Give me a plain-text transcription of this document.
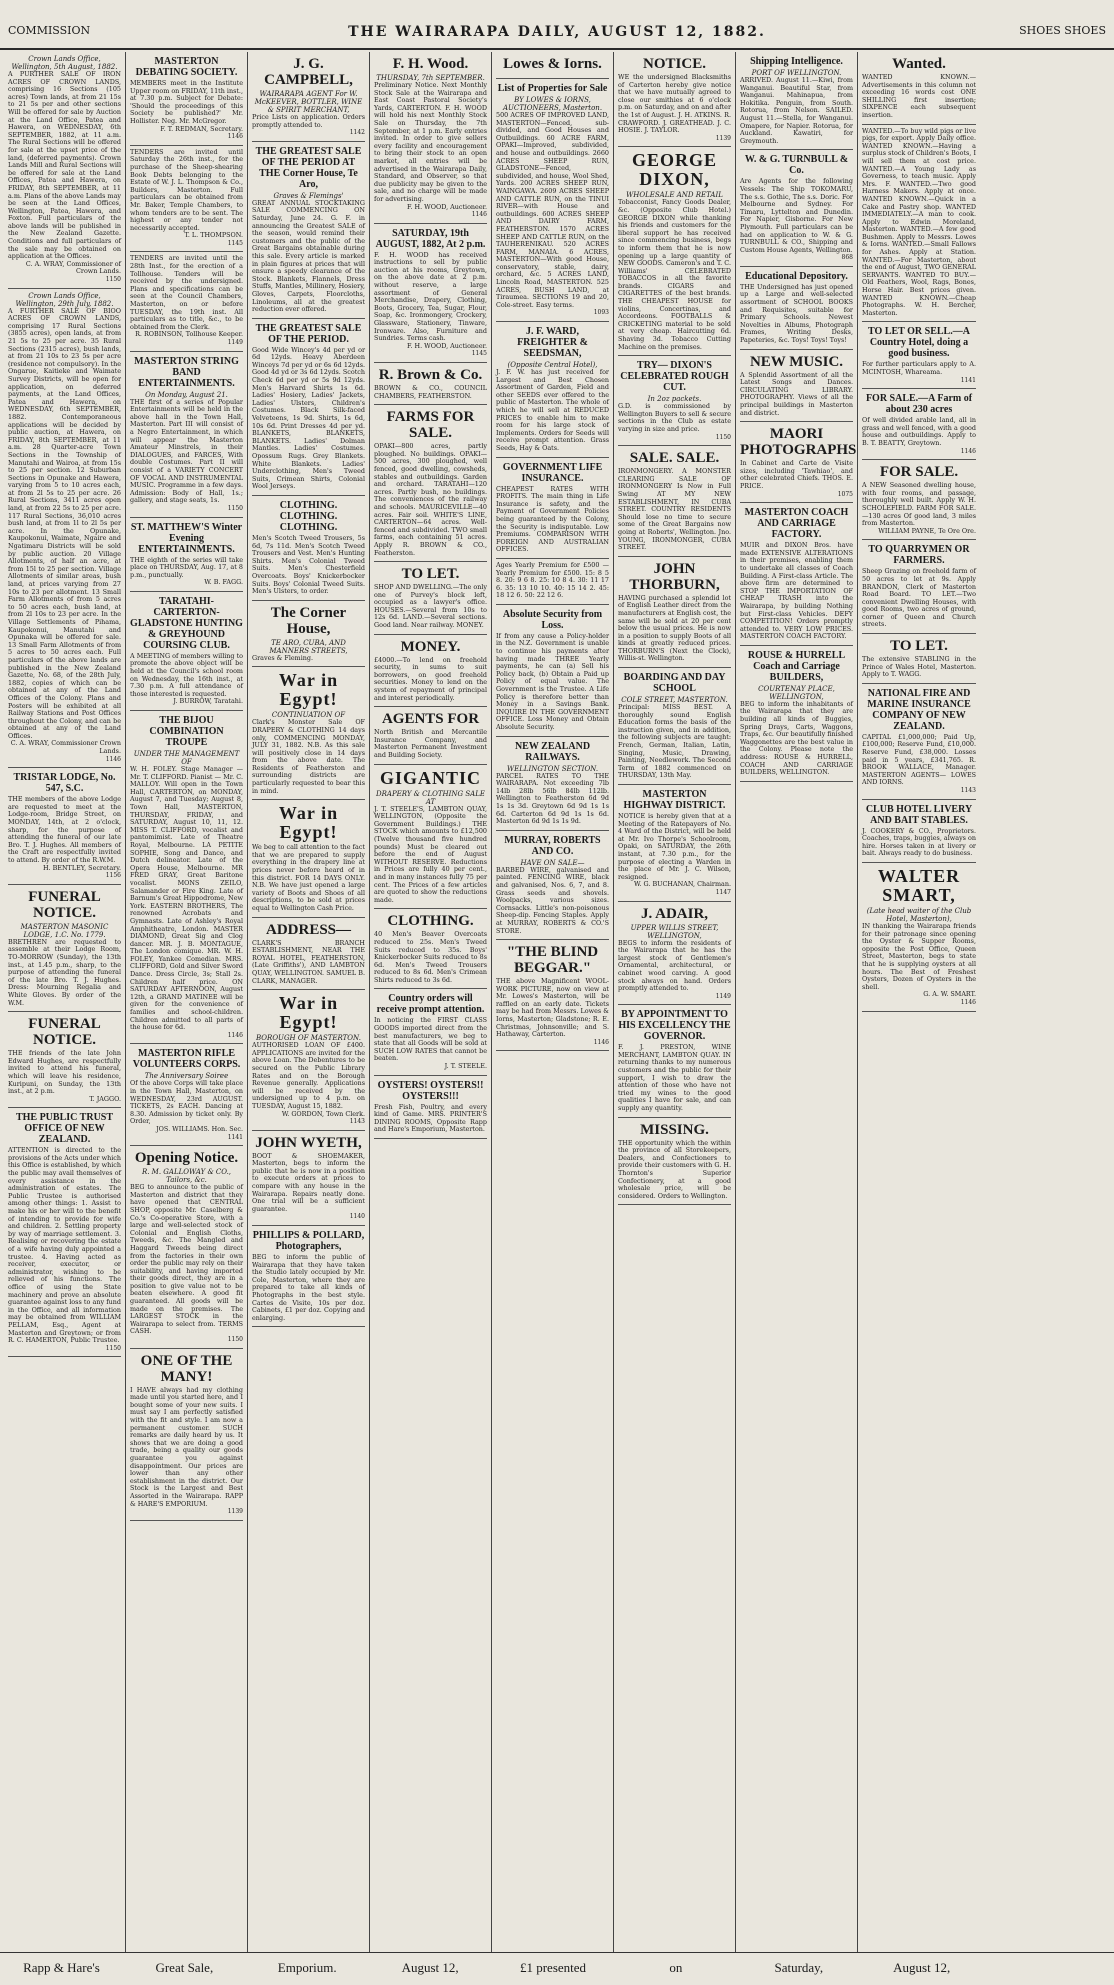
COMMISSION	THE WAIRARAPA DAILY, AUGUST 12, 1882.	SHOES SHOES
Crown Lands Office, Wellington, 5th August, 1882.
A PURTHER SALE OF IRON ACRES OF CROWN LANDS, comprising 16 Sections (105 acres) Town lands, at from 21 15s to 21 5s per and other sections Will be offered for sale by Auction at the Land Office, Patea and Hawera, on WEDNESDAY, 6th SEPTEMBER, 1882, at 11 a.m. The Rural Sections will be offered for sale at the upset price of the land, (deferred payments). Crown Lands Mill and Rural Sections will be offered for sale at the Land Offices, Patea and Hawera, on FRIDAY, 8th SEPTEMBER, at 11 a.m. Plans of the above Lands may be seen at the Land Offices, Wellington, Patea, Hawera, and Foxton. Full particulars of the above lands will be published in the New Zealand Gazette. Conditions and full particulars of the sale may be obtained on application at the Offices.
C. A. WRAY, Commissioner of Crown Lands.
1150
Crown Lands Office, Wellington, 29th July, 1882.
A FURTHER SALE OF BIOO ACRES OF CROWN LANDS, comprising 17 Rural Sections (3855 acres), open lands, at from 21 5s to 25 per acre. 35 Rural Sections (2315 acres), bush lands, at from 21 10s to 23 5s per acre (residence not compulsory). In the Ongarue, Kaitieke and Waimate Survey Districts, will be open for application, on deferred payments, at the Land Offices, Patea and Hawera, on WEDNESDAY, 6th SEPTEMBER, 1882. Contemporaneous applications will be decided by public auction, at Hawera, on FRIDAY, 8th SEPTEMBER, at 11 a.m. 28 Quarter-acre Town Sections in the Township of Manutahi and Wairoa, at from 15s to 25 per section. 12 Suburban Sections in Opunake and Hawera, varying from 5 to 10 acres each, at from 2l 5s to 25 per acre. 26 Rural Sections, 3411 acres open land, at from 22 5s to 25 per acre. 117 Rural Sections, 36,010 acres bush land, at from 1l to 2l 5s per acre. In the Opunake, Kaupokonui, Waimate, Ngaire and Ngatimaru Districts will be sold by public auction. 20 Village Allotments, of half an acre, at from 15l to 25 per section. Village Allotments of similar areas, bush land, at prices varying from 27 10s to 23 per allotment. 13 Small Farm Allotments of from 5 acres to 50 acres each, bush land, at from 2l 10s to 23 per acre. In the Village Settlements of Pihama, Kaupokonui, Manutahi and Opunaka will be offered for sale. 13 Small Farm Allotments of from 5 acres to 50 acres each. Full particulars of the above lands are published in the New Zealand Gazette, No. 68, of the 28th July, 1882, copies of which can be obtained at any of the Land Offices of the Colony. Plans and Posters will be exhibited at all Railway Stations and Post Offices throughout the Colony, and can be obtained at any of the Land Offices.
C. A. WRAY, Commissioner Crown Lands.
1146
TRISTAR LODGE, No. 547, S.C.
THE members of the above Lodge are requested to meet at the Lodge-room, Bridge Street, on MONDAY, 14th, at 2 o'clock, sharp, for the purpose of attending the funeral of our late Bro. T. J. Hughes. All members of the Craft are respectfully invited to attend. By order of the R.W.M.
H. BENTLEY, Secretary.
1156
FUNERAL NOTICE.
MASTERTON MASONIC LODGE, 1.C. No. 1779.
BRETHREN are requested to assemble at their Lodge Room, TO-MORROW (Sunday), the 13th inst., at 1.45 p.m., sharp, to the purpose of attending the funeral of the late Bro. T. J. Hughes. Dress: Mourning Regalia and White Gloves. By order of the W.M.
FUNERAL NOTICE.
THE friends of the late John Edward Hughes, are respectfully invited to attend his funeral, which will leave his residence, Kuripuni, on Sunday, the 13th inst., at 2 p.m.
T. JAGGO.
THE PUBLIC TRUST OFFICE OF NEW ZEALAND.
ATTENTION is directed to the provisions of the Acts under which this Office is established, by which the public may avail themselves of every assistance in the administration of estates. The Public Trustee is authorised among other things: 1. Assist to make his or her will to the benefit of intending to provide for wife and children. 2. Settling property by way of marriage settlement. 3. Realising or recovering the estate of a wife having duly appointed a trustee. 4. Having acted as receiver, executor, or administrator, wishing to be relieved of his functions. The office of using the State machinery and prove an absolute guarantee against loss to any fund in the Office, and all information may be obtained from WILLIAM PELLAM, Esq., Agent at Masterton and Greytown; or from R. C. HAMERTON, Public Trustee.
1150
MASTERTON DEBATING SOCIETY.
MEMBERS meet in the Institute Upper room on FRIDAY, 11th inst., at 7.30 p.m. Subject for Debate: 'Should the proceedings of this Society be published?' Mr. Hollister. Neg. Mr. McGregor.
F. T. REDMAN, Secretary.
1146
TENDERS are invited until Saturday the 26th inst., for the purchase of the Sheep-shearing Book Debts belonging to the Estate of W. J. L. Thompson & Co., Builders, Masterton. Full particulars can be obtained from Mr. Baker, Temple Chambers, to whom tenders are to be sent. The highest or any tender not necessarily accepted.
T. L. THOMPSON.
1145
TENDERS are invited until the 28th Inst., for the erection of a Tollhouse. Tenders will be received by the undersigned. Plans and specifications can be seen at the Council Chambers, Masterton, on or before TUESDAY, the 19th inst. All particulars as to title, &c., to be obtained from the Clerk.
R. ROBINSON, Tollhouse Keeper.
1149
MASTERTON STRING BAND ENTERTAINMENTS.
On Monday, August 21.
THE first of a series of Popular Entertainments will be held in the above hall in the Town Hall, Masterton. Part III will consist of a Negro Entertainment, in which will appear the Masterton Amateur Minstrels, in their DIALOGUES, and FARCES, With double Costumes. Part II will consist of a VARIETY CONCERT OF VOCAL AND INSTRUMENTAL MUSIC. Programme in a few days. Admission: Body of Hall, 1s.; gallery, and stage seats, 1s.
1150
ST. MATTHEW'S Winter Evening ENTERTAINMENTS.
THE eighth of the series will take place on THURSDAY, Aug. 17, at 8 p.m., punctually.
W. B. FAGG.
TARATAHI-CARTERTON-GLADSTONE HUNTING & GREYHOUND COURSING CLUB.
A MEETING of members willing to promote the above object will be held at the Council's school room on Wednesday, the 16th inst., at 7.30 p.m. A full attendance of those interested is requested.
J. BURROW, Taratahi.
THE BIJOU COMBINATION TROUPE
UNDER THE MANAGEMENT OF
W. H. FOLEY. Stage Manager — Mr. T. CLIFFORD. Pianist — Mr. C. MALLOY. Will open in the Town Hall, CARTERTON, on MONDAY, August 7, and Tuesday; August 8, Town Hall, MASTERTON, THURSDAY, FRIDAY, and SATURDAY, August 10, 11, 12. MISS T. CLIFFORD, vocalist and pantomimist. Late of Theatre Royal, Melbourne. LA PETITE SOPHIE, Song and Dance, and Dutch delineator. Late of the Opera House, Melbourne. MR FRED GRAY, Great Baritone vocalist. MONS ZEILO, Salamander or Fire King. Late of Barnum's Great Hippodrome, New York. EASTERN BROTHERS, The renowned Acrobats and Gymnasts. Late of Ashley's Royal Amphitheatre, London. MASTER DIAMOND, Great Sig and Clog dancer. MR. J. B. MONTAGUE, The London comique. MR. W. H. FOLEY, Yankee Comedian. MRS. CLIFFORD, Gold and Silver Sword Dance. Dress Circle, 3s; Stall 2s. Children half price. ON SATURDAY AFTERNOON, August 12th, a GRAND MATINEE will be given for the convenience of families and school-children. Children admitted to all parts of the house for 6d.
1146
MASTERTON RIFLE VOLUNTEERS CORPS.
The Anniversary Soiree
Of the above Corps will take place in the Town Hall, Masterton, on WEDNESDAY, 23rd AUGUST. TICKETS, 2s EACH. Dancing at 8.30. Admission by ticket only. By Order,
JOS. WILLIAMS. Hon. Sec.
1141
Opening Notice.
R. M. GALLOWAY & CO., Tailors, &c.
BEG to announce to the public of Masterton and district that they have opened that CENTRAL SHOP, opposite Mr. Caselberg & Co.'s Co-operative Store, with a large and well-selected stock of Colonial and English Cloths, Tweeds, &c. The Mangled and Haggard Tweeds being direct from the factories in their own order the public may rely on their suitability, and having imported their goods direct, they are in a position to give value not to be beaten elsewhere. A good fit guaranteed. All goods will be made on the premises. The LARGEST STOCK in the Wairarapa to select from. TERMS CASH.
1150
ONE OF THE MANY!
I HAVE always had my clothing made until you started here, and I bought some of your new suits. I must say I am perfectly satisfied with the fit and style. I am now a permanent customer. SUCH remarks are daily heard by us. It shows that we are doing a good trade, being a quality our goods guarantee you against disappointment. Our prices are lower than any other establishment in the district. Our Stock is the Largest and Best Assorted in the Wairarapa. RAPP & HARE'S EMPORIUM.
1139
J. G. CAMPBELL,
WAIRARAPA AGENT For W. McKEEVER, BOTTLER, WINE & SPIRIT MERCHANT,
Price Lists on application. Orders promptly attended to.
1142
THE GREATEST SALE OF THE PERIOD AT THE Corner House, Te Aro,
Graves & Flemings'
GREAT ANNUAL STOCKTAKING SALE COMMENCING ON Saturday, June 24. G. F. in announcing the Greatest SALE of the season, would remind their customers and the public of the Great Bargains obtainable during this sale. Every article is marked in plain figures at prices that will ensure a speedy clearance of the Stock. Blankets, Flannels, Dress Stuffs, Mantles, Millinery, Hosiery, Gloves, Carpets, Floorcloths, Linoleums, all at the greatest reduction ever offered.
THE GREATEST SALE OF THE PERIOD.
Good Wide Wincey's 4d per yd or 6d 12yds. Heavy Aberdeen Winceys 7d per yd or 6s 6d 12yds. Good 4d yd or 3s 6d 12yds. Scotch Check 6d per yd or 5s 9d 12yds. Men's Harvard Shirts 1s 6d. Ladies' Hosiery, Ladies' Jackets, Ladies' Ulsters, Children's Costumes. Black Silk-faced Velveteens, 1s 9d. Shirts, 1s 6d, 10s 6d. Print Dresses 4d per yd. BLANKETS, BLANKETS, BLANKETS. Ladies' Dolman Mantles. Ladies' Costumes. Opossum Rugs. Grey Blankets. White Blankets. Ladies' Underclothing, Men's Tweed Suits, Crimean Shirts, Colonial Wool Jerseys.
CLOTHING. CLOTHING. CLOTHING.
Men's Scotch Tweed Trousers, 5s 6d, 7s 11d. Men's Scotch Tweed Trousers and Vest. Men's Hunting Shirts. Men's Colonial Tweed Suits. Men's Chesterfield Overcoats. Boys' Knickerbocker Suits. Boys' Colonial Tweed Suits. Men's Ulsters, to order.
The Corner House,
TE ARO, CUBA, AND MANNERS STREETS,
Graves & Fleming.
War in Egypt!
CONTINUATION OF
Clark's Monster Sale OF DRAPERY & CLOTHING 14 days only, COMMENCING MONDAY, JULY 31, 1882. N.B. As this sale will positively close in 14 days from the above date. The Residents of Featherston and surrounding districts are particularly requested to bear this in mind.
War in Egypt!
We beg to call attention to the fact that we are prepared to supply everything in the drapery line at prices never before heard of in this district. FOR 14 DAYS ONLY. N.B. We have just opened a large variety of Boots and Shoes of all descriptions, to be sold at prices equal to Wellington Cash Price.
ADDRESS—
CLARK'S BRANCH ESTABLISHMENT, NEAR THE ROYAL HOTEL, FEATHERSTON, (Late Griffiths'), AND LAMBTON QUAY, WELLINGTON. SAMUEL B. CLARK, MANAGER.
War in Egypt!
BOROUGH OF MASTERTON.
AUTHORISED LOAN OF £400. APPLICATIONS are invited for the above Loan. The Debentures to be secured on the Public Library Rates and on the Borough Revenue generally. Applications will be received by the undersigned up to 4 p.m. on TUESDAY, August 15, 1882.
W. GORDON, Town Clerk.
1143
JOHN WYETH,
BOOT & SHOEMAKER, Masterton, begs to inform the public that he is now in a position to execute orders at prices to compare with any house in the Wairarapa. Repairs neatly done. One trial will be a sufficient guarantee.
1140
PHILLIPS & POLLARD, Photographers,
BEG to inform the public of Wairarapa that they have taken the Studio lately occupied by Mr. Cole, Masterton, where they are prepared to take all kinds of Photographs in the best style. Cartes de Visite, 10s per doz. Cabinets, £1 per doz. Copying and enlarging.
F. H. Wood.
THURSDAY, 7th SEPTEMBER.
Preliminary Notice. Next Monthly Stock Sale at the Wairarapa and East Coast Pastoral Society's Yards, CARTERTON. F. H. WOOD will hold his next Monthly Stock Sale on Thursday, the 7th September, at 1 p.m. Early entries invited. In order to give sellers every facility and encouragement to bring their stock to an open market, all entries will be advertised in the Wairarapa Daily, Standard, and Observer, so that due publicity may be given to the sale, and no charge will be made for advertising.
F. H. WOOD, Auctioneer.
1146
SATURDAY, 19th AUGUST, 1882, At 2 p.m.
F. H. WOOD has received instructions to sell by public auction at his rooms, Greytown, on the above date at 2 p.m. without reserve, a large assortment of General Merchandise, Drapery, Clothing, Boots, Grocery, Tea, Sugar, Flour, Soap, &c. Ironmongery, Crockery, Glassware, Stationery, Tinware, Ironware. Also, Furniture and Sundries. Terms cash.
F. H. WOOD, Auctioneer.
1145
R. Brown & Co.
BROWN & CO., COUNCIL CHAMBERS, FEATHERSTON.
FARMS FOR SALE.
OPAKI—800 acres, partly ploughed. No buildings. OPAKI—500 acres, 300 ploughed, well fenced, good dwelling, cowsheds, stables and outbuildings. Garden and orchard. TARATAHI—120 acres. Partly bush, no buildings. The conveniences of the railway and schools. MAURICEVILLE—40 acres. Fair soil. WHITE'S LINE, CARTERTON—64 acres. Well-fenced and subdivided. TWO small farms, each containing 51 acres. Apply R. BROWN & CO., Featherston.
TO LET.
SHOP AND DWELLING.—The only one of Purvey's block left, occupied as a lawyer's office. HOUSES.—Several from 10s to 12s 6d. LAND.—Several sections. Good land. Near railway. MONEY.
MONEY.
£4000.—To lend on freehold security, in sums to suit borrowers, on good freehold securities. Money to lend on the system of repayment of principal and interest periodically.
AGENTS FOR
North British and Mercantile Insurance Company, and Masterton Permanent Investment and Building Society.
GIGANTIC
DRAPERY & CLOTHING SALE AT
J. T. STEELE'S, LAMBTON QUAY, WELLINGTON, (Opposite the Government Buildings.) THE STOCK which amounts to £12,500 (Twelve thousand five hundred pounds) Must be cleared out before the end of August WITHOUT RESERVE. Reductions in Prices are fully 40 per cent., and in many instances fully 75 per cent. The Prices of a few articles are quoted to show the reductions made.
CLOTHING.
40 Men's Beaver Overcoats reduced to 25s. Men's Tweed Suits reduced to 35s. Boys' Knickerbocker Suits reduced to 8s 6d. Men's Tweed Trousers reduced to 8s 6d. Men's Crimean Shirts reduced to 3s 6d.
Country orders will receive prompt attention.
In noticing the FIRST CLASS GOODS imported direct from the best manufacturers, we beg to state that all Goods will be sold at SUCH LOW RATES that cannot be beaten.
J. T. STEELE.
OYSTERS! OYSTERS!! OYSTERS!!!
Fresh Fish, Poultry, and every kind of Game. MRS. PRINTER'S DINING ROOMS, Opposite Rapp and Hare's Emporium, Masterton.
Lowes & Iorns.
List of Properties for Sale
BY LOWES & IORNS, AUCTIONEERS, Masterton.
500 ACRES OF IMPROVED LAND, MASTERTON—Fenced, sub-divided, and Good Houses and Outbuildings. 60 ACRE FARM, OPAKI—Improved, subdivided, and house and outbuildings. 2660 ACRES SHEEP RUN, GLADSTONE—Fenced, subdivided, and house, Wool Shed, Yards. 200 ACRES SHEEP RUN, WAINGAWA. 2609 ACRES SHEEP AND CATTLE RUN, on the TINUI RIVER—with House and outbuildings. 600 ACRES SHEEP AND DAIRY FARM, FEATHERSTON. 1570 ACRES SHEEP AND CATTLE RUN, on the TAUHERENIKAU. 520 ACRES FARM, MANAIA. 6 ACRES, MASTERTON—With good House, conservatory, stable, dairy, orchard, &c. 5 ACRES LAND, Lincoln Road, MASTERTON. 525 ACRES, BUSH LAND, at Tiraumea. SECTIONS 19 and 20, Cole-street. Easy terms.
1093
J. F. WARD, FREIGHTER & SEEDSMAN,
(Opposite Central Hotel),
J. F. W. has just received for Largest and Best Chosen Assortment of Garden, Field and other SEEDS ever offered to the public of Masterton. The whole of which he will sell at REDUCED PRICES to enable him to make room for his large stock of Implements. Orders for Seeds will receive prompt attention. Grass Seeds, Hay & Oats.
GOVERNMENT LIFE INSURANCE.
CHEAPEST RATES WITH PROFITS. The main thing in Life Insurance is safety, and the Payment of Government Policies being guaranteed by the Colony, the Security is indisputable. Low Premiums. COMPARISON WITH FOREIGN AND AUSTRALIAN OFFICES.
Ages Yearly Premium for £500 — Yearly Premium for £500. 15: 8 5 8. 20: 9 6 8. 25: 10 8 4. 30: 11 17 6. 35: 13 10 10. 40: 15 14 2. 45: 18 12 6. 50: 22 12 6.
Absolute Security from Loss.
If from any cause a Policy-holder in the N.Z. Government is unable to continue his payments after having made THREE Yearly payments, he can (a) Sell his Policy back, (b) Obtain a Paid up Policy of equal value. The Government is the Trustee. A Life Policy is therefore better than Money in a Savings Bank. INQUIRE IN THE GOVERNMENT OFFICE. Loss Money and Obtain Absolute Security.
NEW ZEALAND RAILWAYS.
WELLINGTON SECTION.
PARCEL RATES TO THE WAIRARAPA. Not exceeding 7lb 14lb 28lb 56lb 84lb 112lb. Wellington to Featherston 6d 9d 1s 1s 3d. Greytown 6d 9d 1s 1s 6d. Carterton 6d 9d 1s 1s 6d. Masterton 6d 9d 1s 1s 9d.
MURRAY, ROBERTS AND CO.
HAVE ON SALE—
BARBED WIRE, galvanised and painted. FENCING WIRE, black and galvanised, Nos. 6, 7, and 8. Grass seeds and shovels. Woolpacks, various sizes. Cornsacks. Little's non-poisonous Sheep-dip. Fencing Staples. Apply at MURRAY, ROBERTS & CO.'S STORE.
"THE BLIND BEGGAR."
THE above Magnificent WOOL-WORK PICTURE, now on view at Mr. Lowes's Masterton, will be raffled on an early date. Tickets may be had from Messrs. Lowes & Iorns, Masterton; Gladstone; R. E. Christmas, Johnsonville; and S. Hathaway, Carterton.
1146
NOTICE.
WE the undersigned Blacksmiths of Carterton hereby give notice that we have mutually agreed to close our smithies at 6 o'clock p.m. on Saturday, and on and after the 1st of August. J. H. ATKINS. R. CRAWFORD. J. GREATHEAD. J. C. HOSIE. J. TAYLOR.
1139
GEORGE DIXON,
WHOLESALE AND RETAIL
Tobacconist, Fancy Goods Dealer, &c. (Opposite Club Hotel.) GEORGE DIXON while thanking his friends and customers for the liberal support he has received since commencing business, begs to inform them that he is now opening up a large quantity of NEW GOODS. Cameron's and T. C. Williams' CELEBRATED TOBACCOS in all the favorite brands. CIGARS and CIGARETTES of the best brands. THE CHEAPEST HOUSE for violins, Concertinas, and Accordeons. FOOTBALLS & CRICKETING material to be sold at very cheap. Haircutting 6d. Shaving 3d. Tobacco Cutting Machine on the premises.
TRY— DIXON'S CELEBRATED ROUGH CUT.
In 2oz packets.
G.D. is commissioned by Wellington Buyers to sell & secure sections in the Club as estate varying in size and price.
1150
SALE. SALE.
IRONMONGERY. A MONSTER CLEARING SALE OF IRONMONGERY Is Now in Full Swing AT MY NEW ESTABLISHMENT, IN CUBA STREET. COUNTRY RESIDENTS Should lose no time to secure some of the Great Bargains now going at Roberts', Wellington. Jno. YOUNG, IRONMONGER, CUBA STREET.
JOHN THORBURN,
HAVING purchased a splendid lot of English Leather direct from the manufacturers at English cost, the same will be sold at 20 per cent below the usual prices. He is now in a position to supply Boots of all kinds at greatly reduced prices. THORBURN'S (Next the Clock), Willis-st. Wellington.
BOARDING AND DAY SCHOOL
COLE STREET, MASTERTON.
Principal: MISS BEST. A thoroughly sound English Education forms the basis of the instruction given, and in addition, the following subjects are taught: French, German, Italian, Latin, Singing, Music, Drawing, Painting, Needlework. The Second Term of 1882 commenced on THURSDAY, 13th May.
MASTERTON HIGHWAY DISTRICT.
NOTICE is hereby given that at a Meeting of the Ratepayers of No. 4 Ward of the District, will be held at Mr. Ivo Thorpe's Schoolroom, Opaki, on SATURDAY, the 26th instant, at 7.30 p.m., for the purpose of electing a Warden in the place of Mr. J. C. Wilson, resigned.
W. G. BUCHANAN, Chairman.
1147
J. ADAIR,
UPPER WILLIS STREET, WELLINGTON,
BEGS to inform the residents of the Wairarapa that he has the largest stock of Gentlemen's Ornamental, architectural, or cabinet wood carving. A good stock always on hand. Orders promptly attended to.
1149
BY APPOINTMENT TO HIS EXCELLENCY THE GOVERNOR.
F. J. PRESTON, WINE MERCHANT, LAMBTON QUAY. IN returning thanks to my numerous customers and the public for their support, I wish to draw the attention of those who have not tried my wines to the good qualities I have for sale, and can supply any quantity.
MISSING.
THE opportunity which the within the province of all Storekeepers, Dealers, and Confectioners to provide their customers with G. H. Thornton's Superior Confectionery, at a good wholesale price, will be considered. Orders to Wellington.
Shipping Intelligence.
PORT OF WELLINGTON.
ARRIVED. August 11.—Kiwi, from Wanganui. Beautiful Star, from Wanganui. Mahinapua, from Hokitika. Penguin, from South. Rotorua, from Nelson. SAILED. August 11.—Stella, for Wanganui. Omapere, for Napier. Rotorua, for Auckland. Kawatiri, for Greymouth.
W. & G. TURNBULL & Co.
Are Agents for the following Vessels: The Ship TOKOMARU, The s.s. Gothic, The s.s. Doric. For Melbourne and Sydney. For Timaru, Lyttelton and Dunedin. For Napier, Gisborne. For New Plymouth. Full particulars can be had on application to W. & G. TURNBULL & CO., Shipping and Custom House Agents, Wellington.
868
Educational Depository.
THE Undersigned has just opened up a Large and well-selected assortment of SCHOOL BOOKS and Requisites, suitable for Primary Schools. Newest Novelties in Albums, Photograph Frames, Writing Desks, Papeteries, &c. Toys! Toys! Toys!
NEW MUSIC.
A Splendid Assortment of all the Latest Songs and Dances. CIRCULATING LIBRARY. PHOTOGRAPHY. Views of all the principal buildings in Masterton and district.
MAORI PHOTOGRAPHS
In Cabinet and Carte de Visite sizes, including 'Tawhiao', and other celebrated Chiefs. THOS. E. PRICE.
1075
MASTERTON COACH AND CARRIAGE FACTORY.
MUIR and DIXON Bros. have made EXTENSIVE ALTERATIONS in their premises, enabling them to undertake all classes of Coach Building. A First-class Article. The above firm are determined to STOP THE IMPORTATION OF CHEAP TRASH into the Wairarapa, by building Nothing but First-class Vehicles. DEFY COMPETITION! Orders promptly attended to. VERY LOW PRICES. MASTERTON COACH FACTORY.
ROUSE & HURRELL Coach and Carriage BUILDERS,
COURTENAY PLACE, WELLINGTON,
BEG to inform the inhabitants of the Wairarapa that they are building all kinds of Buggies, Spring Drays, Carts, Waggons, Traps, &c. Our beautifully finished Waggonettes are the best value in the Colony. Please note the address: ROUSE & HURRELL, COACH AND CARRIAGE BUILDERS, WELLINGTON.
Wanted.
WANTED KNOWN.—Advertisements in this column not exceeding 16 words cost ONE SHILLING first insertion; SIXPENCE each subsequent insertion.
WANTED.—To buy wild pigs or live pigs, for export. Apply Daily office. WANTED KNOWN.—Having a surplus stock of Children's Boots, I will sell them at cost price. WANTED.—A Young Lady as Governess, to teach music. Apply Mrs. F. WANTED.—Two good Harness Makers. Apply at once. WANTED KNOWN.—Quick in a Cake and Pastry shop. WANTED IMMEDIATELY.—A man to cook. Apply to Edwin Moreland, Masterton. WANTED.—A few good Bushmen. Apply to Messrs. Lowes & Iorns. WANTED.—Small Fallows for Ashes. Apply at Station. WANTED.—For Masterton, about the end of August, TWO GENERAL SERVANTS. WANTED TO BUY.—Old Feathers, Wool, Rags, Bones, Horse Hair. Best prices given. WANTED KNOWN.—Cheap Photographs. W. H. Bercher, Masterton.
TO LET OR SELL.—A Country Hotel, doing a good business.
For further particulars apply to A. MCINTOSH, Whareama.
1141
FOR SALE.—A Farm of about 230 acres
Of well divided arable land, all in grass and well fenced, with a good house and outbuildings. Apply to B. T. BEATTY, Greytown.
1146
FOR SALE.
A NEW Seasoned dwelling house, with four rooms, and passage, thoroughly well built. Apply W. H. SCHOLEFIELD. FARM FOR SALE.—130 acres Of good land, 3 miles from Masterton.
WILLIAM PAYNE, Te Ore Ore.
TO QUARRYMEN OR FARMERS.
Sheep Grazing on freehold farm of 50 acres to let at 9s. Apply BRANDON, Clerk of Masterton Road Board. TO LET.—Two convenient Dwelling Houses, with good Rooms, two acres of ground, corner of Queen and Church streets.
TO LET.
The extensive STABLING in the Prince of Wales Hotel, Masterton. Apply to T. WAGG.
NATIONAL FIRE AND MARINE INSURANCE COMPANY OF NEW ZEALAND.
CAPITAL £1,000,000; Paid Up, £100,000; Reserve Fund, £10,000. Reserve Fund, £38,000. Losses paid in 5 years, £341,765. R. BROOK WALLACE, Manager. MASTERTON AGENTS— LOWES AND IORNS.
1143
CLUB HOTEL LIVERY AND BAIT STABLES.
J. COOKERY & CO., Proprietors. Coaches, traps, buggies, always on hire. Horses taken in at livery or bait. Always ready to do business.
WALTER SMART,
(Late head waiter of the Club Hotel, Masterton),
IN thanking the Wairarapa friends for their patronage since opening the Oyster & Supper Rooms, opposite the Post Office, Queen Street, Masterton, begs to state that he is supplying oysters at all hours. The Best of Freshest Oysters, Dozen of Oysters in the shell.
G. A. W. SMART.
1146
Rapp & Hare's	Great Sale,	Emporium.	August 12,	£1 presented	on	Saturday,	August 12,
